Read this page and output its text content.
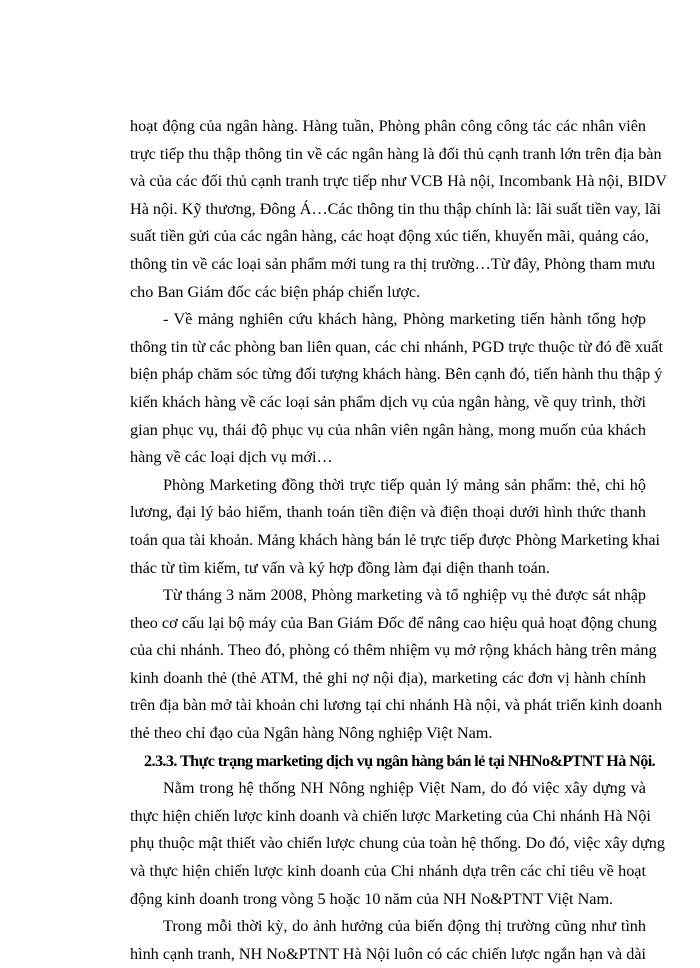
hoạt động của ngân hàng. Hàng tuần, Phòng phân công công tác các nhân viên
trực tiếp thu thập thông tin về các ngân hàng là đối thủ cạnh tranh lớn trên địa bàn
và của các đối thủ cạnh tranh trực tiếp như VCB Hà nội, Incombank Hà nội, BIDV
Hà nội. Kỹ thương, Đông Á…Các thông tin thu thập chính là: lãi suất tiền vay, lãi
suất tiền gửi của các ngân hàng, các hoạt động xúc tiến, khuyến mãi, quảng cáo,
thông tin về các loại sản phẩm mới tung ra thị trường…Từ đây, Phòng tham mưu
cho Ban Giám đốc các biện pháp chiến lược.
- Về mảng nghiên cứu khách hàng, Phòng marketing tiến hành tổng hợp
thông tin từ các phòng ban liên quan, các chi nhánh, PGD trực thuộc từ đó đề xuất
biện pháp chăm sóc từng đối tượng khách hàng. Bên cạnh đó, tiến hành thu thập ý
kiến khách hàng về các loại sản phẩm dịch vụ của ngân hàng, về quy trình, thời
gian phục vụ, thái độ phục vụ của nhân viên ngân hàng, mong muốn của khách
hàng về các loại dịch vụ mới…
Phòng Marketing đồng thời trực tiếp quản lý mảng sản phẩm: thẻ, chi hộ
lương, đại lý bảo hiểm, thanh toán tiền điện và điện thoại dưới hình thức thanh
toán qua tài khoản. Mảng khách hàng bán lẻ trực tiếp được Phòng Marketing khai
thác từ tìm kiếm, tư vấn và ký hợp đồng làm đại diện thanh toán.
Từ tháng 3 năm 2008, Phòng marketing và tổ nghiệp vụ thẻ được sát nhập
theo cơ cấu lại bộ máy của Ban Giám Đốc để nâng cao hiệu quả hoạt động chung
của chi nhánh. Theo đó, phòng có thêm nhiệm vụ mở rộng khách hàng trên mảng
kinh doanh thẻ (thẻ ATM, thẻ ghi nợ nội địa), marketing các đơn vị hành chính
trên địa bàn mở tài khoản chi lương tại chi nhánh Hà nội, và phát triển kinh doanh
thẻ theo chỉ đạo của Ngân hàng Nông nghiệp Việt Nam.
2.3.3. Thực trạng marketing dịch vụ ngân hàng bán lẻ tại NHNo&PTNT Hà Nội.
Nằm trong hệ thống NH Nông nghiệp Việt Nam, do đó việc xây dựng và
thực hiện chiến lược kinh doanh và chiến lược Marketing của Chi nhánh Hà Nội
phụ thuộc mật thiết vào chiến lược chung của toàn hệ thống. Do đó, việc xây dựng
và thực hiện chiến lược kinh doanh của Chi nhánh dựa trên các chỉ tiêu về hoạt
động kinh doanh trong vòng 5 hoặc 10 năm của NH No&PTNT Việt Nam.
Trong mỗi thời kỳ, do ảnh hưởng của biến động thị trường cũng như tình
hình cạnh tranh, NH No&PTNT Hà Nội luôn có các chiến lược ngắn hạn và dài
